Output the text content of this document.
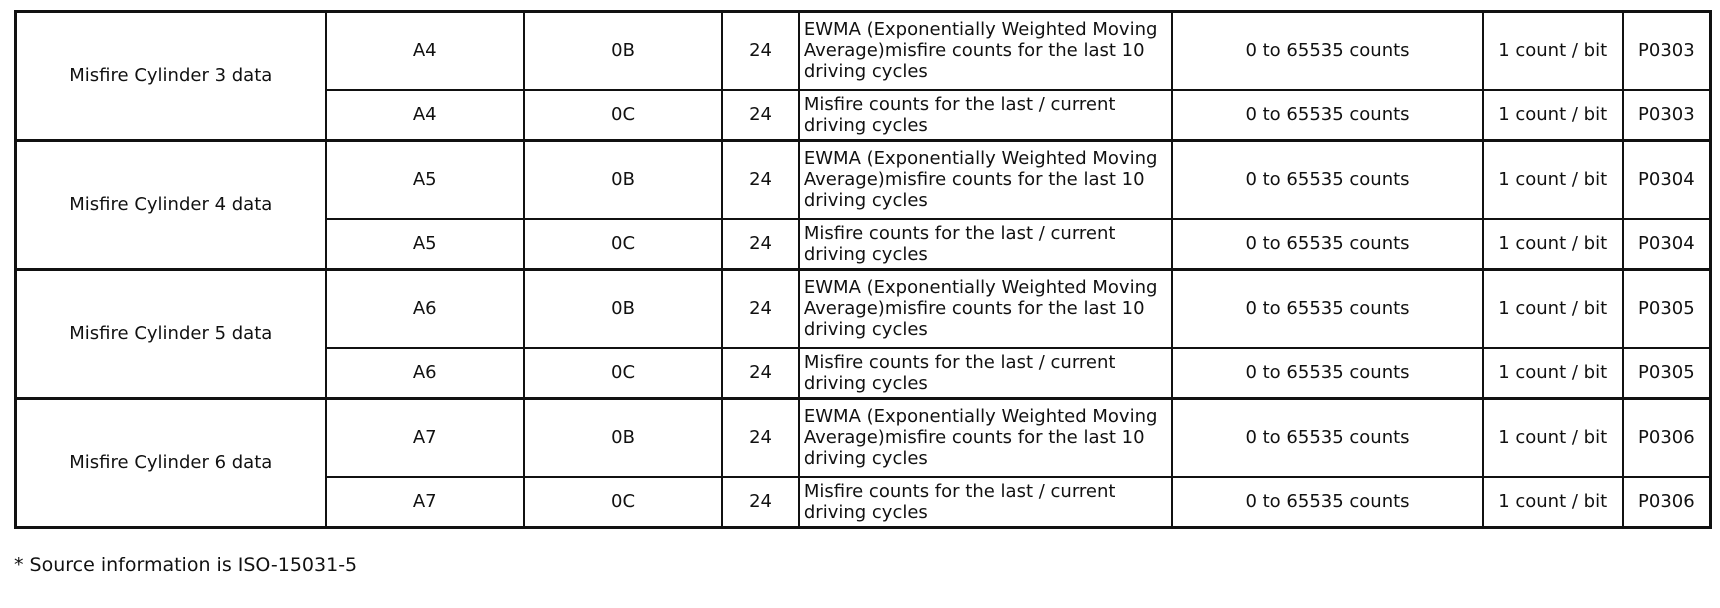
Misfire Cylinder 3 data	A4	0B	24	EWMA (Exponentially Weighted Moving Average)misfire counts for the last 10 driving cycles	0 to 65535 counts	1 count / bit	P0303
	A4	0C	24	Misfire counts for the last / current driving cycles	0 to 65535 counts	1 count / bit	P0303
Misfire Cylinder 4 data	A5	0B	24	EWMA (Exponentially Weighted Moving Average)misfire counts for the last 10 driving cycles	0 to 65535 counts	1 count / bit	P0304
	A5	0C	24	Misfire counts for the last / current driving cycles	0 to 65535 counts	1 count / bit	P0304
Misfire Cylinder 5 data	A6	0B	24	EWMA (Exponentially Weighted Moving Average)misfire counts for the last 10 driving cycles	0 to 65535 counts	1 count / bit	P0305
	A6	0C	24	Misfire counts for the last / current driving cycles	0 to 65535 counts	1 count / bit	P0305
Misfire Cylinder 6 data	A7	0B	24	EWMA (Exponentially Weighted Moving Average)misfire counts for the last 10 driving cycles	0 to 65535 counts	1 count / bit	P0306
	A7	0C	24	Misfire counts for the last / current driving cycles	0 to 65535 counts	1 count / bit	P0306
* Source information is ISO-15031-5
